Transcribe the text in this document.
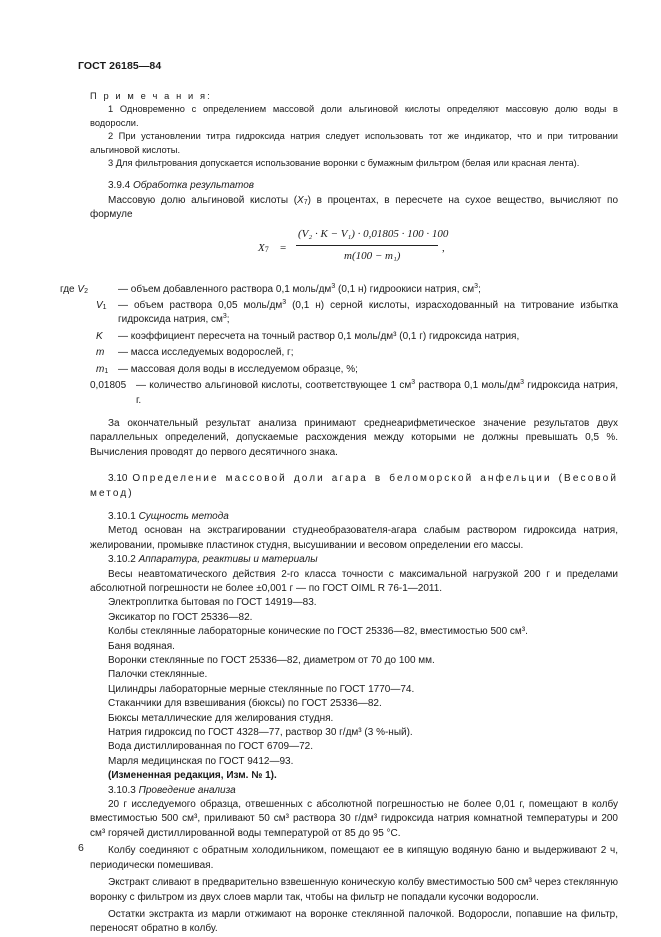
ГОСТ 26185—84

П р и м е ч а н и я:

1 Одновременно с определением массовой доли альгиновой кислоты определяют массовую долю воды в водоросли.

2 При установлении титра гидроксида натрия следует использовать тот же индикатор, что и при титровании альгиновой кислоты.

3 Для фильтрования допускается использование воронки с бумажным фильтром (белая или красная лента).

3.9.4 Обработка результатов

Массовую долю альгиновой кислоты $(X_7)$ в процентах, в пересчете на сухое вещество, вычисляют по формуле

$X_7$ =
(V₂ · K − V₁) · 0,01805 · 100 · 100
m(100 − m₁)
,
где $V_2$	— объем добавленного раствора 0,1 моль/$дм^3$ (0,1 н) гидроокиси натрия, $см^3$;
$V_1$	— объем раствора 0,05 моль/$дм^3$ (0,1 н) серной кислоты, израсходованный на титрование избытка гидроксида натрия, $см^3$;
K	— коэффициент пересчета на точный раствор 0,1 моль/дм³ (0,1 г) гидроксида натрия,
m	— масса исследуемых водорослей, г;
$m_1$ — массовая доля воды в исследуемом образце, %;
0,01805 — количество альгиновой кислоты, соответствующее 1 $см^3$ раствора 0,1 моль/$дм^3$ гидроксида натрия, г.

За окончательный результат анализа принимают среднеарифметическое значение результатов двух параллельных определений, допускаемые расхождения между которыми не должны превышать 0,5 %. Вычисления проводят до первого десятичного знака.

3.10 Определение массовой доли агара в беломорской анфельции (Весовой метод)

3.10.1 Сущность метода

Метод основан на экстрагировании студнеобразователя-агара слабым раствором гидроксида натрия, желировании, промывке пластинок студня, высушивании и весовом определении его массы.

3.10.2 Аппаратура, реактивы и материалы

Весы неавтоматического действия 2-го класса точности с максимальной нагрузкой 200 г и пределами абсолютной погрешности не более ±0,001 г — по ГОСТ OIML R 76-1—2011.

Электроплитка бытовая по ГОСТ 14919—83.

Эксикатор по ГОСТ 25336—82.

Колбы стеклянные лабораторные конические по ГОСТ 25336—82, вместимостью 500 см³.

Баня водяная.

Воронки стеклянные по ГОСТ 25336—82, диаметром от 70 до 100 мм.

Палочки стеклянные.

Цилиндры лабораторные мерные стеклянные по ГОСТ 1770—74.

Стаканчики для взвешивания (бюксы) по ГОСТ 25336—82.

Бюксы металлические для желирования студня.

Натрия гидроксид по ГОСТ 4328—77, раствор 30 г/дм³ (3 %-ный).

Вода дистиллированная по ГОСТ 6709—72.

Марля медицинская по ГОСТ 9412—93.

(Измененная редакция, Изм. № 1).

3.10.3 Проведение анализа

20 г исследуемого образца, отвешенных с абсолютной погрешностью не более 0,01 г, помещают в колбу вместимостью 500 см³, приливают 50 см³ раствора 30 г/дм³ гидроксида натрия комнатной температуры и 200 см³ горячей дистиллированной воды температурой от 85 до 95 °С.

Колбу соединяют с обратным холодильником, помещают ее в кипящую водяную баню и выдерживают 2 ч, периодически помешивая.

Экстракт сливают в предварительно взвешенную коническую колбу вместимостью 500 см³ через стеклянную воронку с фильтром из двух слоев марли так, чтобы на фильтр не попадали кусочки водоросли.

Остатки экстракта из марли отжимают на воронке стеклянной палочкой. Водоросли, попавшие на фильтр, переносят обратно в колбу.

6
